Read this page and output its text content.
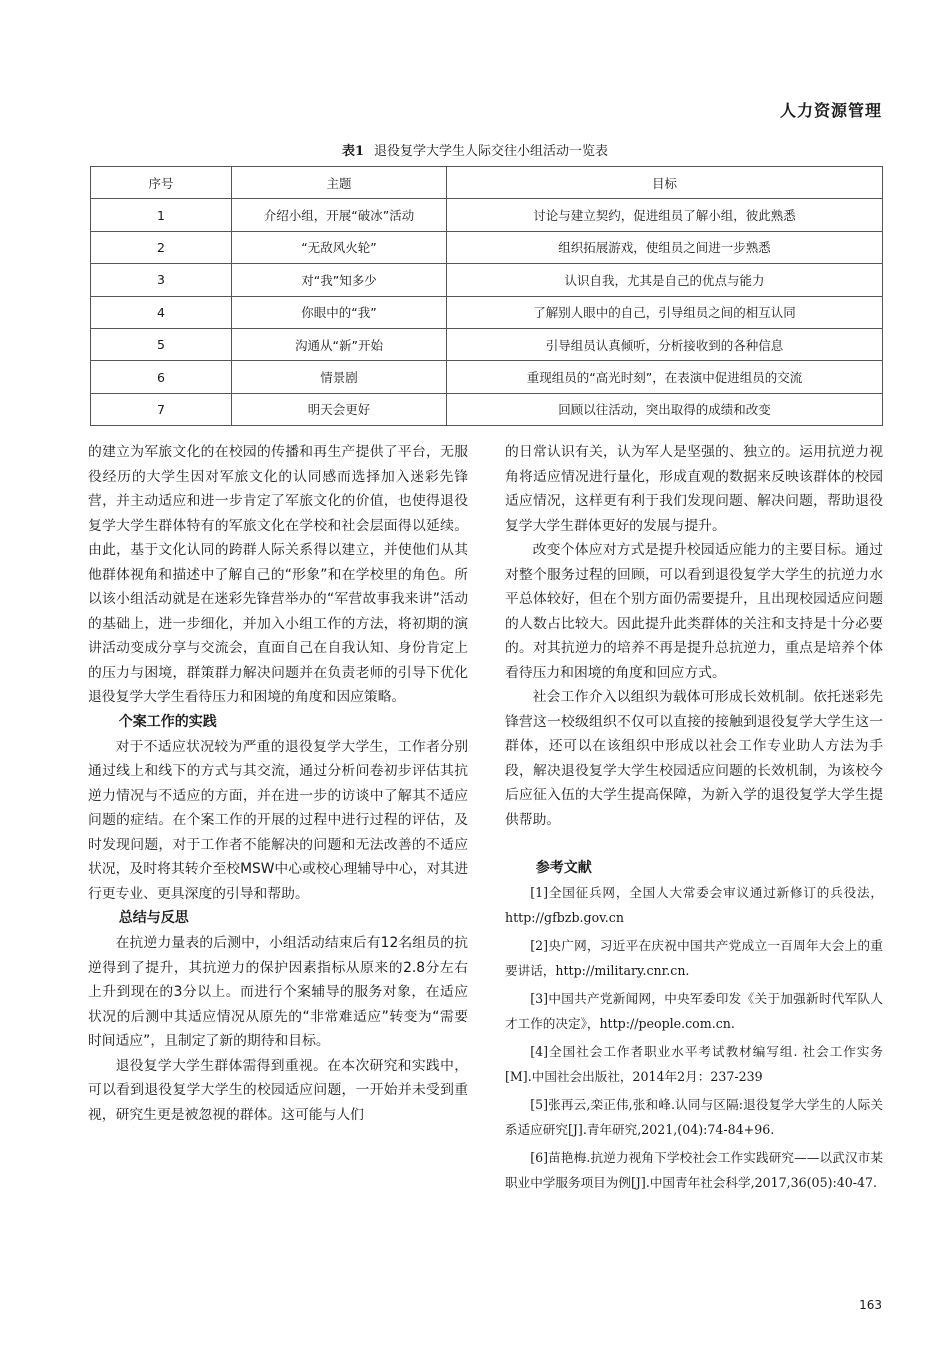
人力资源管理
表1 退役复学大学生人际交往小组活动一览表
序号	主题	目标
1	介绍小组，开展“破冰”活动	讨论与建立契约，促进组员了解小组，彼此熟悉
2	“无敌风火轮”	组织拓展游戏，使组员之间进一步熟悉
3	对“我”知多少	认识自我，尤其是自己的优点与能力
4	你眼中的“我”	了解别人眼中的自己，引导组员之间的相互认同
5	沟通从“新”开始	引导组员认真倾听，分析接收到的各种信息
6	情景剧	重现组员的“高光时刻”，在表演中促进组员的交流
7	明天会更好	回顾以往活动，突出取得的成绩和改变

的建立为军旅文化的在校园的传播和再生产提供了平台，无服役经历的大学生因对军旅文化的认同感而选择加入迷彩先锋营，并主动适应和进一步肯定了军旅文化的价值，也使得退役复学大学生群体特有的军旅文化在学校和社会层面得以延续。由此，基于文化认同的跨群人际关系得以建立，并使他们从其他群体视角和描述中了解自己的“形象”和在学校里的角色。所以该小组活动就是在迷彩先锋营举办的“军营故事我来讲”活动的基础上，进一步细化，并加入小组工作的方法，将初期的演讲活动变成分享与交流会，直面自己在自我认知、身份肯定上的压力与困境，群策群力解决问题并在负责老师的引导下优化退役复学大学生看待压力和困境的角度和因应策略。

个案工作的实践

对于不适应状况较为严重的退役复学大学生，工作者分别通过线上和线下的方式与其交流，通过分析问卷初步评估其抗逆力情况与不适应的方面，并在进一步的访谈中了解其不适应问题的症结。在个案工作的开展的过程中进行过程的评估，及时发现问题，对于工作者不能解决的问题和无法改善的不适应状况，及时将其转介至校MSW中心或校心理辅导中心，对其进行更专业、更具深度的引导和帮助。

总结与反思

在抗逆力量表的后测中，小组活动结束后有12名组员的抗逆得到了提升，其抗逆力的保护因素指标从原来的2.8分左右上升到现在的3分以上。而进行个案辅导的服务对象，在适应状况的后测中其适应情况从原先的“非常难适应”转变为“需要时间适应”，且制定了新的期待和目标。

退役复学大学生群体需得到重视。在本次研究和实践中，可以看到退役复学大学生的校园适应问题，一开始并未受到重视，研究生更是被忽视的群体。这可能与人们

的日常认识有关，认为军人是坚强的、独立的。运用抗逆力视角将适应情况进行量化，形成直观的数据来反映该群体的校园适应情况，这样更有利于我们发现问题、解决问题，帮助退役复学大学生群体更好的发展与提升。

改变个体应对方式是提升校园适应能力的主要目标。通过对整个服务过程的回顾，可以看到退役复学大学生的抗逆力水平总体较好，但在个别方面仍需要提升，且出现校园适应问题的人数占比较大。因此提升此类群体的关注和支持是十分必要的。对其抗逆力的培养不再是提升总抗逆力，重点是培养个体看待压力和困境的角度和回应方式。

社会工作介入以组织为载体可形成长效机制。依托迷彩先锋营这一校级组织不仅可以直接的接触到退役复学大学生这一群体，还可以在该组织中形成以社会工作专业助人方法为手段，解决退役复学大学生校园适应问题的长效机制，为该校今后应征入伍的大学生提高保障，为新入学的退役复学大学生提供帮助。

参考文献

[1]全国征兵网，全国人大常委会审议通过新修订的兵役法，http://gfbzb.gov.cn

[2]央广网，习近平在庆祝中国共产党成立一百周年大会上的重要讲话，http://military.cnr.cn.

[3]中国共产党新闻网，中央军委印发《关于加强新时代军队人才工作的决定》，http://people.com.cn.

[4]全国社会工作者职业水平考试教材编写组. 社会工作实务[M].中国社会出版社，2014年2月：237-239

[5]张再云,栾正伟,张和峰.认同与区隔:退役复学大学生的人际关系适应研究[J].青年研究,2021,(04):74-84+96.

[6]苗艳梅.抗逆力视角下学校社会工作实践研究——以武汉市某职业中学服务项目为例[J].中国青年社会科学,2017,36(05):40-47.

163
